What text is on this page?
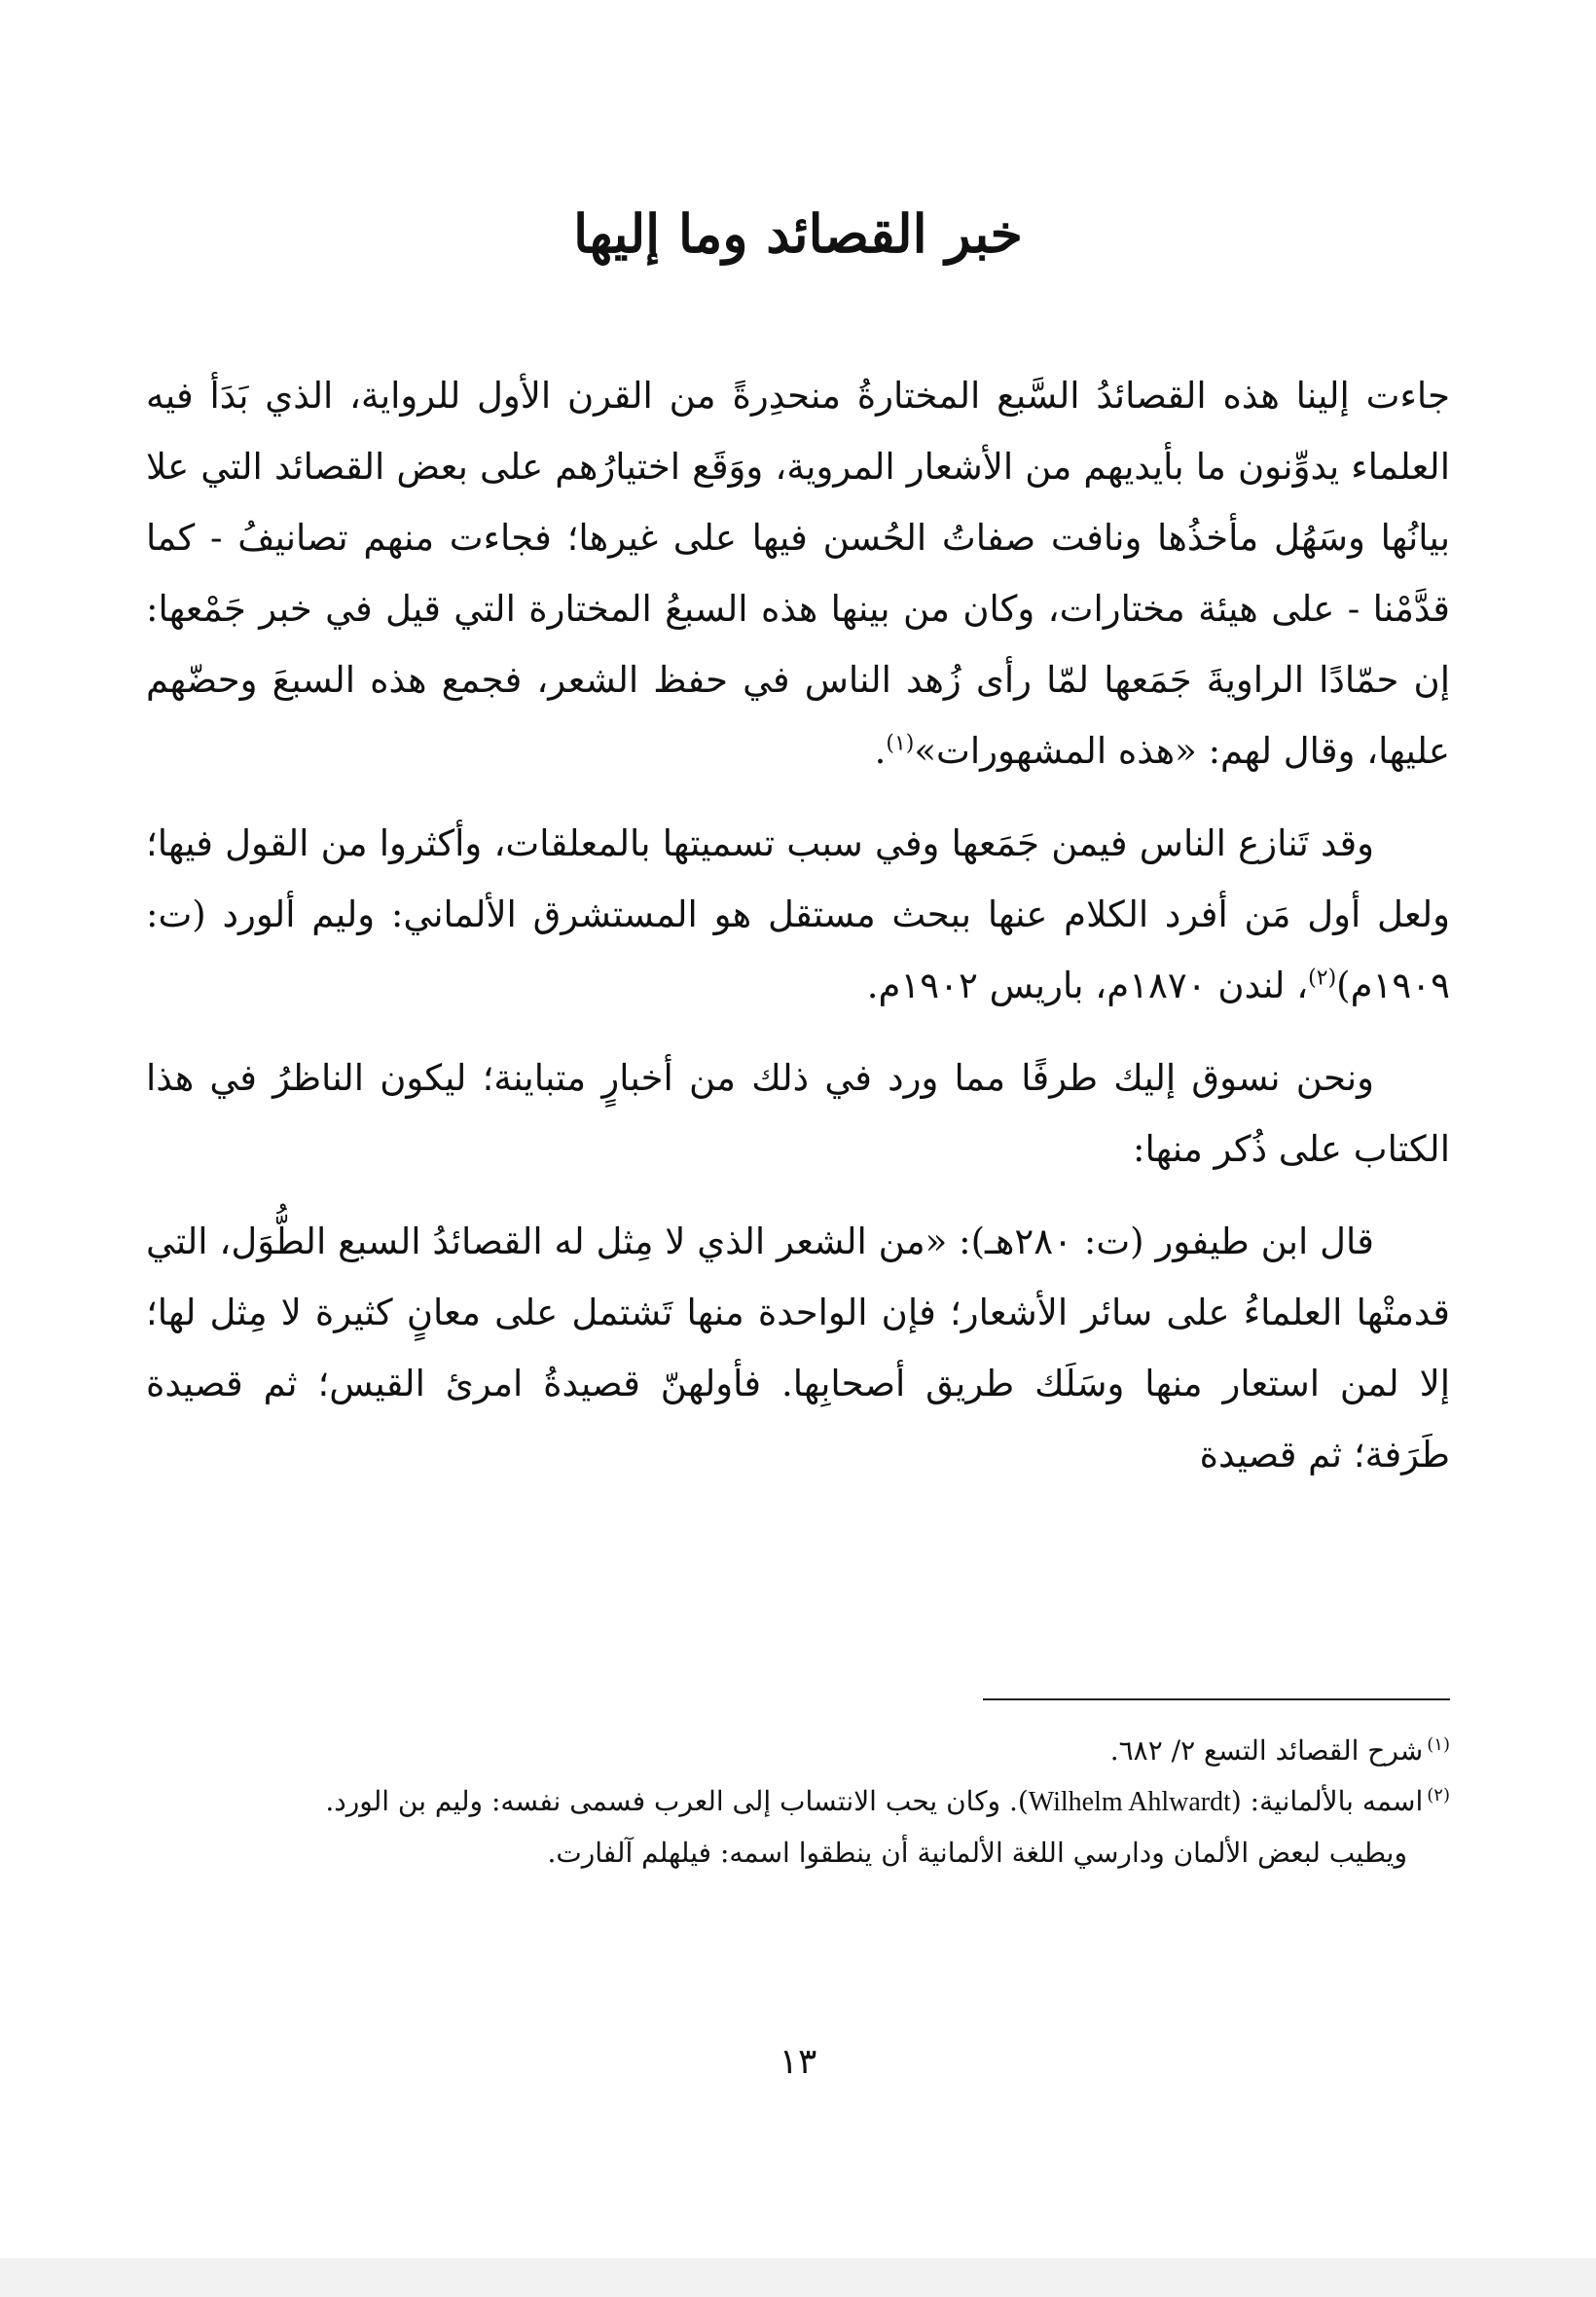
خبر القصائد وما إليها

جاءت إلينا هذه القصائدُ السَّبع المختارةُ منحدِرةً من القرن الأول للرواية، الذي بَدَأ فيه العلماء يدوِّنون ما بأيديهم من الأشعار المروية، ووَقَع اختيارُهم على بعض القصائد التي علا بيانُها وسَهُل مأخذُها ونافت صفاتُ الحُسن فيها على غيرها؛ فجاءت منهم تصانيفُ - كما قدَّمْنا - على هيئة مختارات، وكان من بينها هذه السبعُ المختارة التي قيل في خبر جَمْعها: إن حمّادًا الراويةَ جَمَعها لمّا رأى زُهد الناس في حفظ الشعر، فجمع هذه السبعَ وحضّهم عليها، وقال لهم: «هذه المشهورات»$^{(١)}$.

وقد تَنازع الناس فيمن جَمَعها وفي سبب تسميتها بالمعلقات، وأكثروا من القول فيها؛ ولعل أول مَن أفرد الكلام عنها ببحث مستقل هو المستشرق الألماني: وليم ألورد (ت: ١٩٠٩م)$^{(٢)}$، لندن ١٨٧٠م، باريس ١٩٠٢م.

ونحن نسوق إليك طرفًا مما ورد في ذلك من أخبارٍ متباينة؛ ليكون الناظرُ في هذا الكتاب على ذُكر منها:

قال ابن طيفور (ت: ٢٨٠هـ): «من الشعر الذي لا مِثل له القصائدُ السبع الطُّوَل، التي قدمتْها العلماءُ على سائر الأشعار؛ فإن الواحدة منها تَشتمل على معانٍ كثيرة لا مِثل لها؛ إلا لمن استعار منها وسَلَك طريق أصحابِها. فأولهنّ قصيدةُ امرئ القيس؛ ثم قصيدة طَرَفة؛ ثم قصيدة

$^{(١)}$شرح القصائد التسع ٢/ ٦٨٢.

$^{(٢)}$اسمه بالألمانية: (Wilhelm Ahlwardt). وكان يحب الانتساب إلى العرب فسمى نفسه: وليم بن الورد.

ويطيب لبعض الألمان ودارسي اللغة الألمانية أن ينطقوا اسمه: فيلهلم آلفارت.

١٣
